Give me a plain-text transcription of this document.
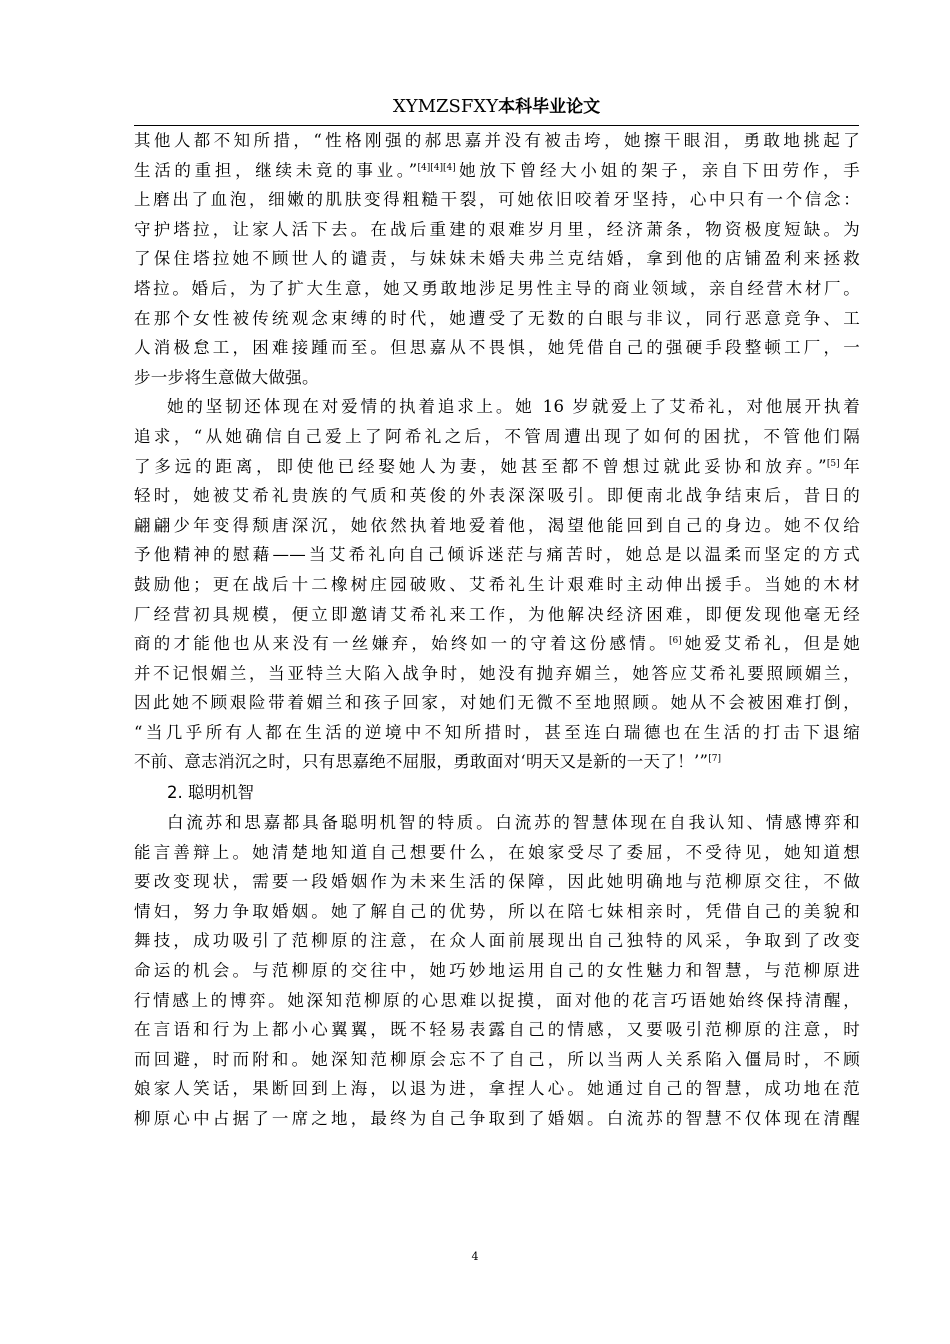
XYMZSFXY本科毕业论文
其他人都不知所措，“性格刚强的郝思嘉并没有被击垮，她擦干眼泪，勇敢地挑起了
生活的重担，继续未竟的事业。”[4][4][4]她放下曾经大小姐的架子，亲自下田劳作，手
上磨出了血泡，细嫩的肌肤变得粗糙干裂，可她依旧咬着牙坚持，心中只有一个信念：
守护塔拉，让家人活下去。在战后重建的艰难岁月里，经济萧条，物资极度短缺。为
了保住塔拉她不顾世人的谴责，与妹妹未婚夫弗兰克结婚，拿到他的店铺盈利来拯救
塔拉。婚后，为了扩大生意，她又勇敢地涉足男性主导的商业领域，亲自经营木材厂。
在那个女性被传统观念束缚的时代，她遭受了无数的白眼与非议，同行恶意竞争、工
人消极怠工，困难接踵而至。但思嘉从不畏惧，她凭借自己的强硬手段整顿工厂，一
步一步将生意做大做强。
她的坚韧还体现在对爱情的执着追求上。她 16 岁就爱上了艾希礼，对他展开执着
追求，“从她确信自己爱上了阿希礼之后，不管周遭出现了如何的困扰，不管他们隔
了多远的距离，即使他已经娶她人为妻，她甚至都不曾想过就此妥协和放弃。”[5]年
轻时，她被艾希礼贵族的气质和英俊的外表深深吸引。即便南北战争结束后，昔日的
翩翩少年变得颓唐深沉，她依然执着地爱着他，渴望他能回到自己的身边。她不仅给
予他精神的慰藉——当艾希礼向自己倾诉迷茫与痛苦时，她总是以温柔而坚定的方式
鼓励他；更在战后十二橡树庄园破败、艾希礼生计艰难时主动伸出援手。当她的木材
厂经营初具规模，便立即邀请艾希礼来工作，为他解决经济困难，即便发现他毫无经
商的才能他也从来没有一丝嫌弃，始终如一的守着这份感情。[6]她爱艾希礼，但是她
并不记恨媚兰，当亚特兰大陷入战争时，她没有抛弃媚兰，她答应艾希礼要照顾媚兰，
因此她不顾艰险带着媚兰和孩子回家，对她们无微不至地照顾。她从不会被困难打倒，
“当几乎所有人都在生活的逆境中不知所措时，甚至连白瑞德也在生活的打击下退缩
不前、意志消沉之时，只有思嘉绝不屈服，勇敢面对‘明天又是新的一天了！’”[7]
2. 聪明机智
白流苏和思嘉都具备聪明机智的特质。白流苏的智慧体现在自我认知、情感博弈和
能言善辩上。她清楚地知道自己想要什么，在娘家受尽了委屈，不受待见，她知道想
要改变现状，需要一段婚姻作为未来生活的保障，因此她明确地与范柳原交往，不做
情妇，努力争取婚姻。她了解自己的优势，所以在陪七妹相亲时，凭借自己的美貌和
舞技，成功吸引了范柳原的注意，在众人面前展现出自己独特的风采，争取到了改变
命运的机会。与范柳原的交往中，她巧妙地运用自己的女性魅力和智慧，与范柳原进
行情感上的博弈。她深知范柳原的心思难以捉摸，面对他的花言巧语她始终保持清醒，
在言语和行为上都小心翼翼，既不轻易表露自己的情感，又要吸引范柳原的注意，时
而回避，时而附和。她深知范柳原会忘不了自己，所以当两人关系陷入僵局时，不顾
娘家人笑话，果断回到上海，以退为进，拿捏人心。她通过自己的智慧，成功地在范
柳原心中占据了一席之地，最终为自己争取到了婚姻。白流苏的智慧不仅体现在清醒
4
